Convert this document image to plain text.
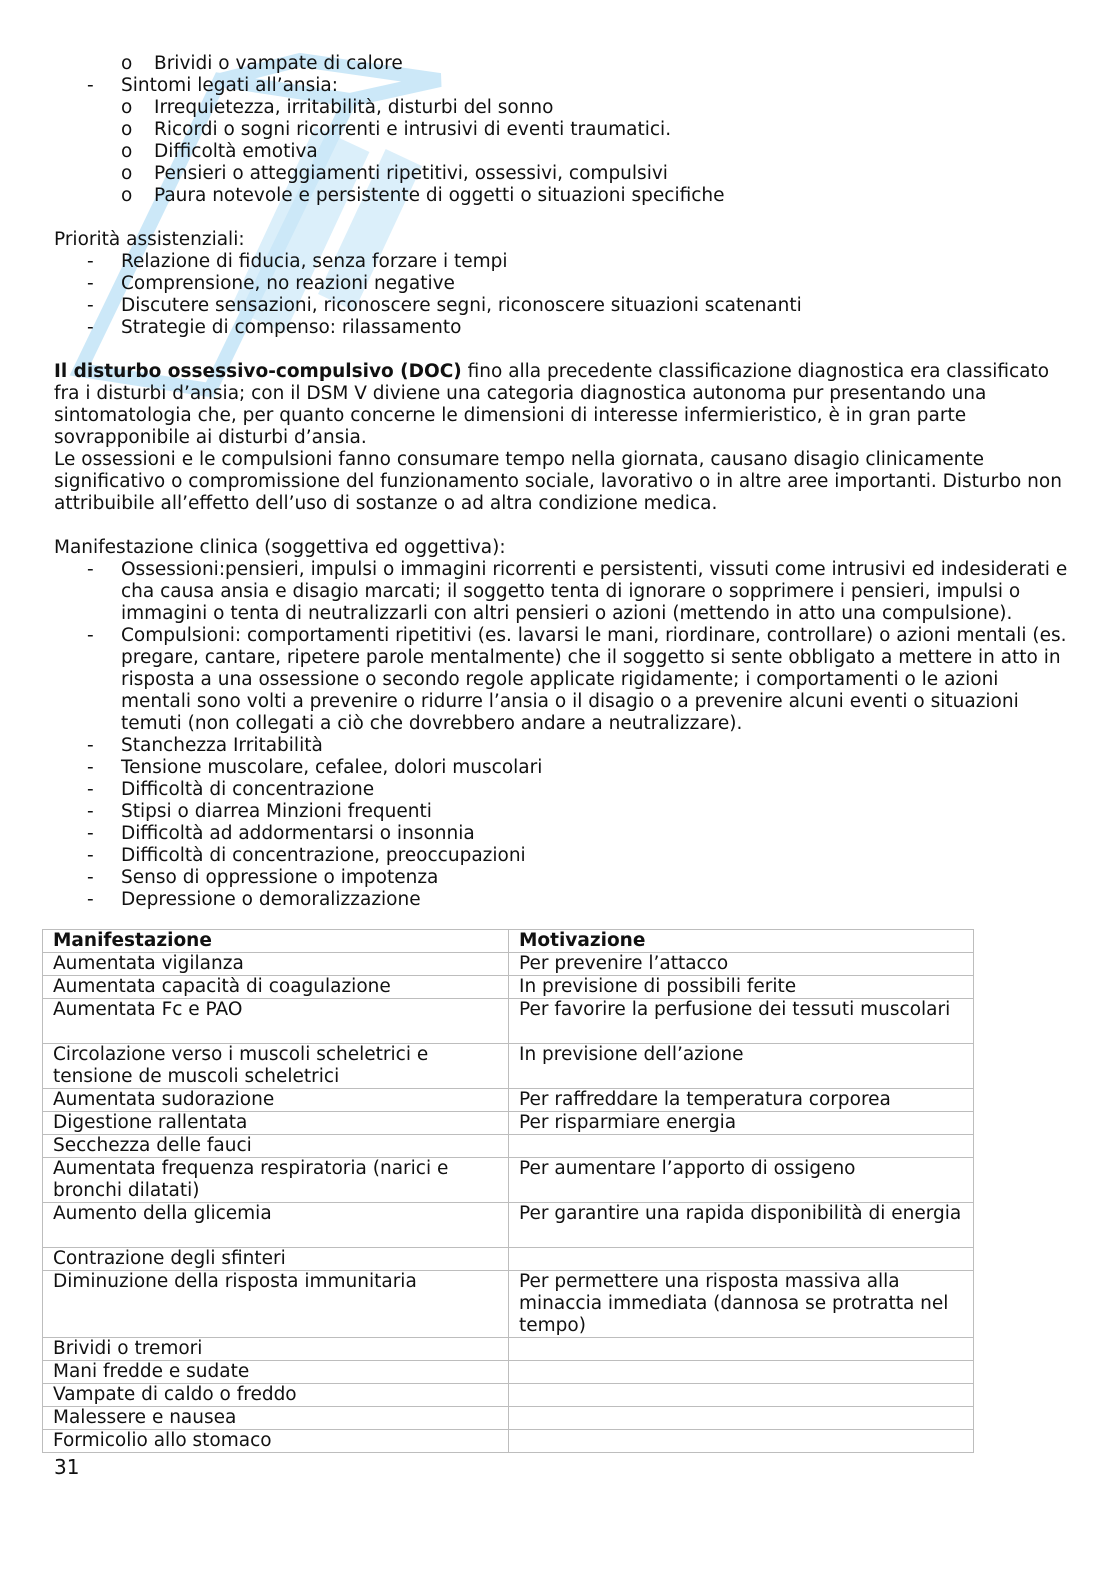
o Brividi o vampate di calore
- Sintomi legati all’ansia:
o Irrequietezza, irritabilità, disturbi del sonno
o Ricordi o sogni ricorrenti e intrusivi di eventi traumatici.
o Difficoltà emotiva
o Pensieri o atteggiamenti ripetitivi, ossessivi, compulsivi
o Paura notevole e persistente di oggetti o situazioni specifiche

Priorità assistenziali:

- Relazione di fiducia, senza forzare i tempi
- Comprensione, no reazioni negative
- Discutere sensazioni, riconoscere segni, riconoscere situazioni scatenanti
- Strategie di compenso: rilassamento

Il disturbo ossessivo-compulsivo (DOC) fino alla precedente classificazione diagnostica era classificato fra i disturbi d’ansia; con il DSM V diviene una categoria diagnostica autonoma pur presentando una sintomatologia che, per quanto concerne le dimensioni di interesse infermieristico, è in gran parte sovrapponibile ai disturbi d’ansia.

Le ossessioni e le compulsioni fanno consumare tempo nella giornata, causano disagio clinicamente significativo o compromissione del funzionamento sociale, lavorativo o in altre aree importanti. Disturbo non attribuibile all’effetto dell’uso di sostanze o ad altra condizione medica.

Manifestazione clinica (soggettiva ed oggettiva):

- Ossessioni:pensieri, impulsi o immagini ricorrenti e persistenti, vissuti come intrusivi ed indesiderati e cha causa ansia e disagio marcati; il soggetto tenta di ignorare o sopprimere i pensieri, impulsi o immagini o tenta di neutralizzarli con altri pensieri o azioni (mettendo in atto una compulsione).
- Compulsioni: comportamenti ripetitivi (es. lavarsi le mani, riordinare, controllare) o azioni mentali (es. pregare, cantare, ripetere parole mentalmente) che il soggetto si sente obbligato a mettere in atto in risposta a una ossessione o secondo regole applicate rigidamente; i comportamenti o le azioni mentali sono volti a prevenire o ridurre l’ansia o il disagio o a prevenire alcuni eventi o situazioni temuti (non collegati a ciò che dovrebbero andare a neutralizzare).
- Stanchezza Irritabilità
- Tensione muscolare, cefalee, dolori muscolari
- Difficoltà di concentrazione
- Stipsi o diarrea Minzioni frequenti
- Difficoltà ad addormentarsi o insonnia
- Difficoltà di concentrazione, preoccupazioni
- Senso di oppressione o impotenza
- Depressione o demoralizzazione
Manifestazione	Motivazione
Aumentata vigilanza	Per prevenire l’attacco
Aumentata capacità di coagulazione	In previsione di possibili ferite
Aumentata Fc e PAO	Per favorire la perfusione dei tessuti muscolari
Circolazione verso i muscoli scheletrici e tensione de muscoli scheletrici	In previsione dell’azione
Aumentata sudorazione	Per raffreddare la temperatura corporea
Digestione rallentata	Per risparmiare energia
Secchezza delle fauci	
Aumentata frequenza respiratoria (narici e bronchi dilatati)	Per aumentare l’apporto di ossigeno
Aumento della glicemia	Per garantire una rapida disponibilità di energia
Contrazione degli sfinteri	
Diminuzione della risposta immunitaria	Per permettere una risposta massiva alla minaccia immediata (dannosa se protratta nel tempo)
Brividi o tremori	
Mani fredde e sudate	
Vampate di caldo o freddo	
Malessere e nausea	
Formicolio allo stomaco	
31
